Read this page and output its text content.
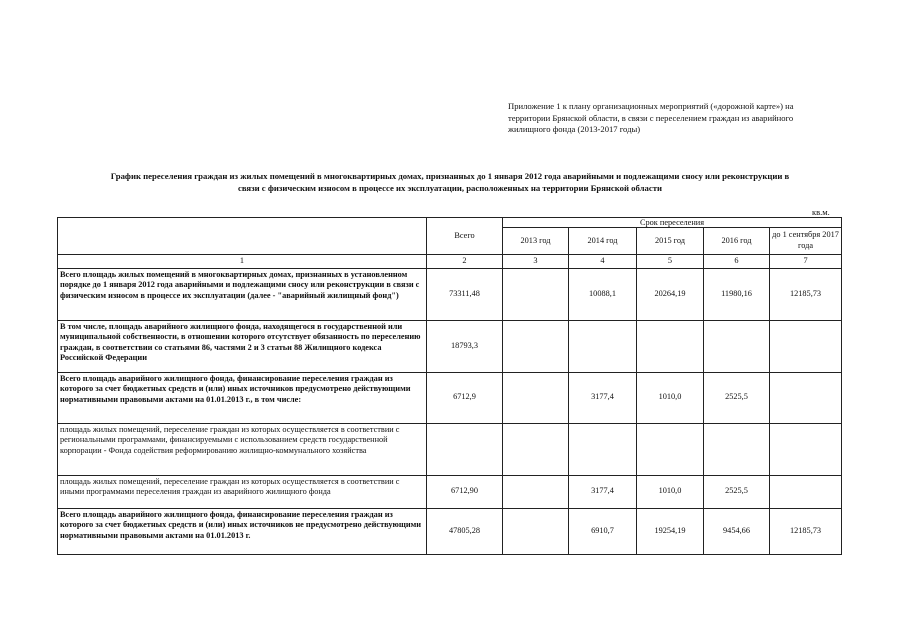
Приложение 1 к плану организационных мероприятий («дорожной карте») на
территории Брянской области, в связи с переселением граждан из аварийного
жилищного фонда (2013-2017 годы)
График переселения граждан из жилых помещений в многоквартирных домах, признанных до 1 января 2012 года аварийными и подлежащими сносу или реконструкции в
связи с физическим износом в процессе их эксплуатации, расположенных на территории Брянской области
кв.м.
	Всего	Срок переселения				
		2013 год	2014 год	2015 год	2016 год	до 1 сентября 2017 года
1	2	3	4	5	6	7
Всего площадь жилых помещений в многоквартирных домах, признанных в установленном порядке до 1 января 2012 года аварийными и подлежащими сносу или реконструкции в связи с физическим износом в процессе их эксплуатации (далее - "аварийный жилищный фонд")	73311,48		10088,1	20264,19	11980,16	12185,73
В том числе, площадь аварийного жилищного фонда, находящегося в государственной или муниципальной собственности, в отношении которого отсутствует обязанность по переселению граждан, в соответствии со статьями 86, частями 2 и 3 статьи 88 Жилищного кодекса Российской Федерации	18793,3					
Всего площадь аварийного жилищного фонда, финансирование переселения граждан из которого за счет бюджетных средств и (или) иных источников предусмотрено действующими нормативными правовыми актами на 01.01.2013 г., в том числе:	6712,9		3177,4	1010,0	2525,5	
площадь жилых помещений, переселение граждан из которых осуществляется в соответствии с региональными программами, финансируемыми с использованием средств государственной корпорации - Фонда содействия реформированию жилищно-коммунального хозяйства						
площадь жилых помещений, переселение граждан из которых осуществляется в соответствии с иными программами переселения граждан из аварийного жилищного фонда	6712,90		3177,4	1010,0	2525,5	
Всего площадь аварийного жилищного фонда, финансирование переселения граждан из которого за счет бюджетных средств и (или) иных источников не предусмотрено действующими нормативными правовыми актами на 01.01.2013 г.	47805,28		6910,7	19254,19	9454,66	12185,73
